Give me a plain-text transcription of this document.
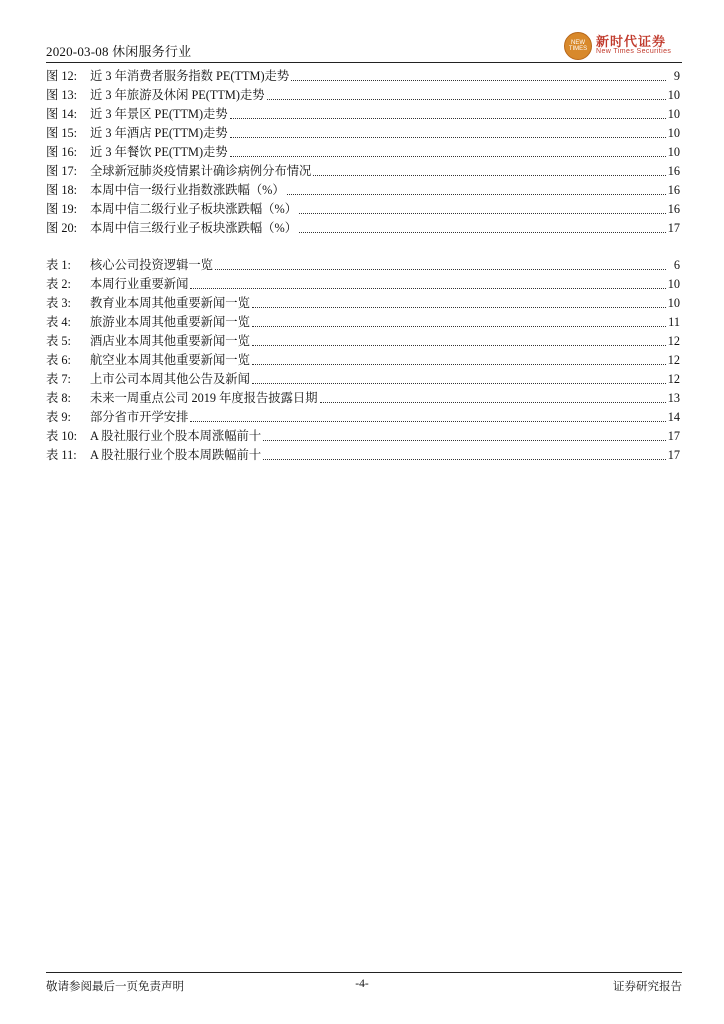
2020-03-08 休闲服务行业
NEW
TIMES 新时代证券
New Times Securities
图 12:	近 3 年消费者服务指数 PE(TTM)走势	9
图 13:	近 3 年旅游及休闲 PE(TTM)走势	10
图 14:	近 3 年景区 PE(TTM)走势	10
图 15:	近 3 年酒店 PE(TTM)走势	10
图 16:	近 3 年餐饮 PE(TTM)走势	10
图 17:	全球新冠肺炎疫情累计确诊病例分布情况	16
图 18:	本周中信一级行业指数涨跌幅（%）	16
图 19:	本周中信二级行业子板块涨跌幅（%）	16
图 20:	本周中信三级行业子板块涨跌幅（%）	17
表 1:	核心公司投资逻辑一览	6
表 2:	本周行业重要新闻	10
表 3:	教育业本周其他重要新闻一览	10
表 4:	旅游业本周其他重要新闻一览	11
表 5:	酒店业本周其他重要新闻一览	12
表 6:	航空业本周其他重要新闻一览	12
表 7:	上市公司本周其他公告及新闻	12
表 8:	未来一周重点公司 2019 年度报告披露日期	13
表 9:	部分省市开学安排	14
表 10:	A 股社服行业个股本周涨幅前十	17
表 11:	A 股社服行业个股本周跌幅前十	17
敬请参阅最后一页免责声明	-4-	证券研究报告
